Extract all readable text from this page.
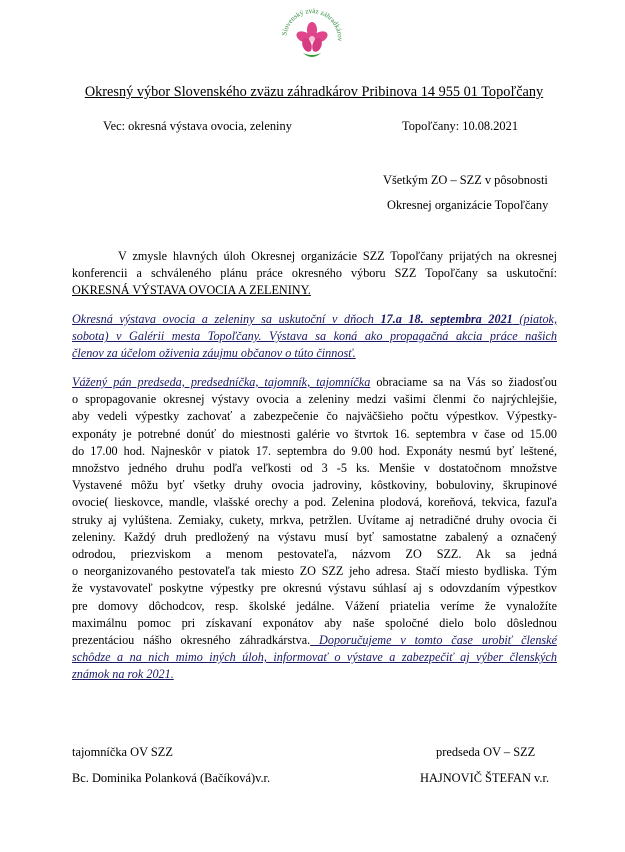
Slovenský zväz záhradkárov
Okresný výbor Slovenského zväzu záhradkárov Pribinova 14 955 01 Topoľčany
Vec: okresná výstava ovocia, zeleniny	Topoľčany: 10.08.2021
Všetkým ZO – SZZ v pôsobnosti
Okresnej organizácie Topoľčany
V zmysle hlavných úloh Okresnej organizácie SZZ Topoľčany prijatých na okresnej
konferencii a schváleného plánu práce okresného výboru SZZ Topoľčany sa uskutoční:
OKRESNÁ VÝSTAVA OVOCIA A ZELENINY.
Okresná výstava ovocia a zeleniny sa uskutoční v dňoch 17.a 18. septembra 2021 (piatok,
sobota) v Galérii mesta Topoľčany. Výstava sa koná ako propagačná akcia práce našich
členov za účelom oživenia záujmu občanov o túto činnosť.
Vážený pán predseda, predsedníčka, tajomník, tajomníčka obraciame sa na Vás so žiadosťou
o spropagovanie okresnej výstavy ovocia a zeleniny medzi vašimi členmi čo najrýchlejšie,
aby vedeli výpestky zachovať a zabezpečenie čo najväčšieho počtu výpestkov. Výpestky-
exponáty je potrebné donúť do miestnosti galérie vo štvrtok 16. septembra v čase od 15.00
do 17.00 hod. Najneskôr v piatok 17. septembra do 9.00 hod. Exponáty nesmú byť leštené,
množstvo jedného druhu podľa veľkosti od 3 -5 ks. Menšie v dostatočnom množstve
Vystavené môžu byť všetky druhy ovocia jadroviny, kôstkoviny, bobuloviny, škrupinové
ovocie( lieskovce, mandle, vlašské orechy a pod. Zelenina plodová, koreňová, tekvica, fazuľa
struky aj vylúštena. Zemiaky, cukety, mrkva, petržlen. Uvítame aj netradičné druhy ovocia či
zeleniny. Každý druh predložený na výstavu musí byť samostatne zabalený a označený
odrodou, priezviskom a menom pestovateľa, názvom ZO SZZ. Ak sa jedná
o neorganizovaného pestovateľa tak miesto ZO SZZ jeho adresa. Stačí miesto bydliska. Tým
že vystavovateľ poskytne výpestky pre okresnú výstavu súhlasí aj s odovzdaním výpestkov
pre domovy dôchodcov, resp. školské jedálne. Vážení priatelia veríme že vynaložíte
maximálnu pomoc pri získavaní exponátov aby naše spoločné dielo bolo dôslednou
prezentáciou nášho okresného záhradkárstva. Doporučujeme v tomto čase urobiť členské
schôdze a na nich mimo iných úloh, informovať o výstave a zabezpečiť aj výber členských
známok na rok 2021.
tajomníčka OV SZZ
Bc. Dominika Polanková (Bačíková)v.r.
predseda OV – SZZ
HAJNOVIČ ŠTEFAN v.r.
